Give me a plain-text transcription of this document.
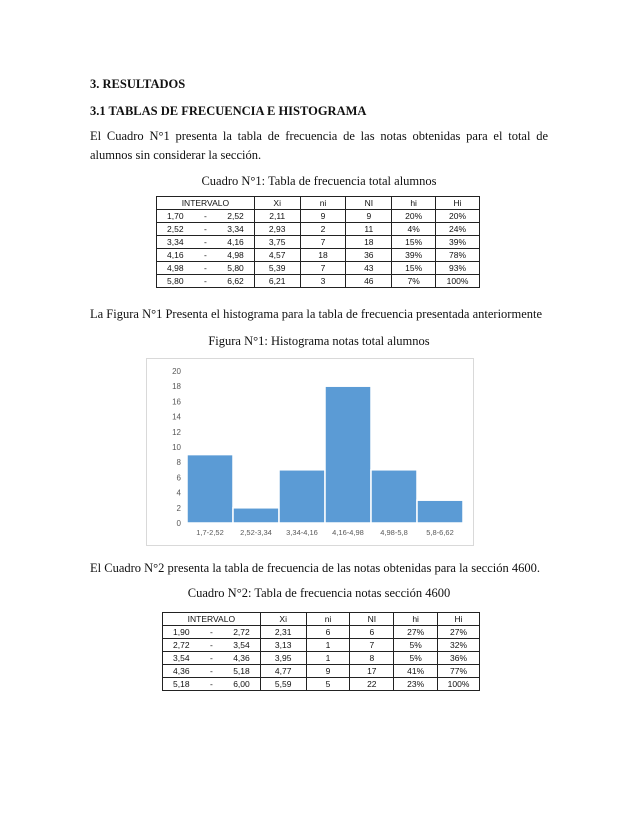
3. RESULTADOS
3.1 TABLAS DE FRECUENCIA E HISTOGRAMA
El Cuadro N°1 presenta la tabla de frecuencia de las notas obtenidas para el total de
alumnos sin considerar la sección.
Cuadro N°1: Tabla de frecuencia total alumnos
INTERVALO	Xi	ni	NI	hi	Hi

1,70 - 2,52	2,11	9	9	20%	20%

2,52 - 3,34	2,93	2	11	4%	24%

3,34 - 4,16	3,75	7	18	15%	39%

4,16 - 4,98	4,57	18	36	39%	78%

4,98 - 5,80	5,39	7	43	15%	93%

5,80 - 6,62	6,21	3	46	7%	100%
La Figura N°1 Presenta el histograma para la tabla de frecuencia presentada anteriormente
Figura N°1: Histograma notas total alumnos
0
2
4
6
8
10
12
14
16
18
20
1,7-2,52 2,52-3,34 3,34-4,16 4,16-4,98 4,98-5,8 5,8-6,62
El Cuadro N°2 presenta la tabla de frecuencia de las notas obtenidas para la sección 4600.
Cuadro N°2: Tabla de frecuencia notas sección 4600
INTERVALO	Xi	ni	NI	hi	Hi

1,90 - 2,72	2,31	6	6	27%	27%

2,72 - 3,54	3,13	1	7	5%	32%

3,54 - 4,36	3,95	1	8	5%	36%

4,36 - 5,18	4,77	9	17	41%	77%

5,18 - 6,00	5,59	5	22	23%	100%
